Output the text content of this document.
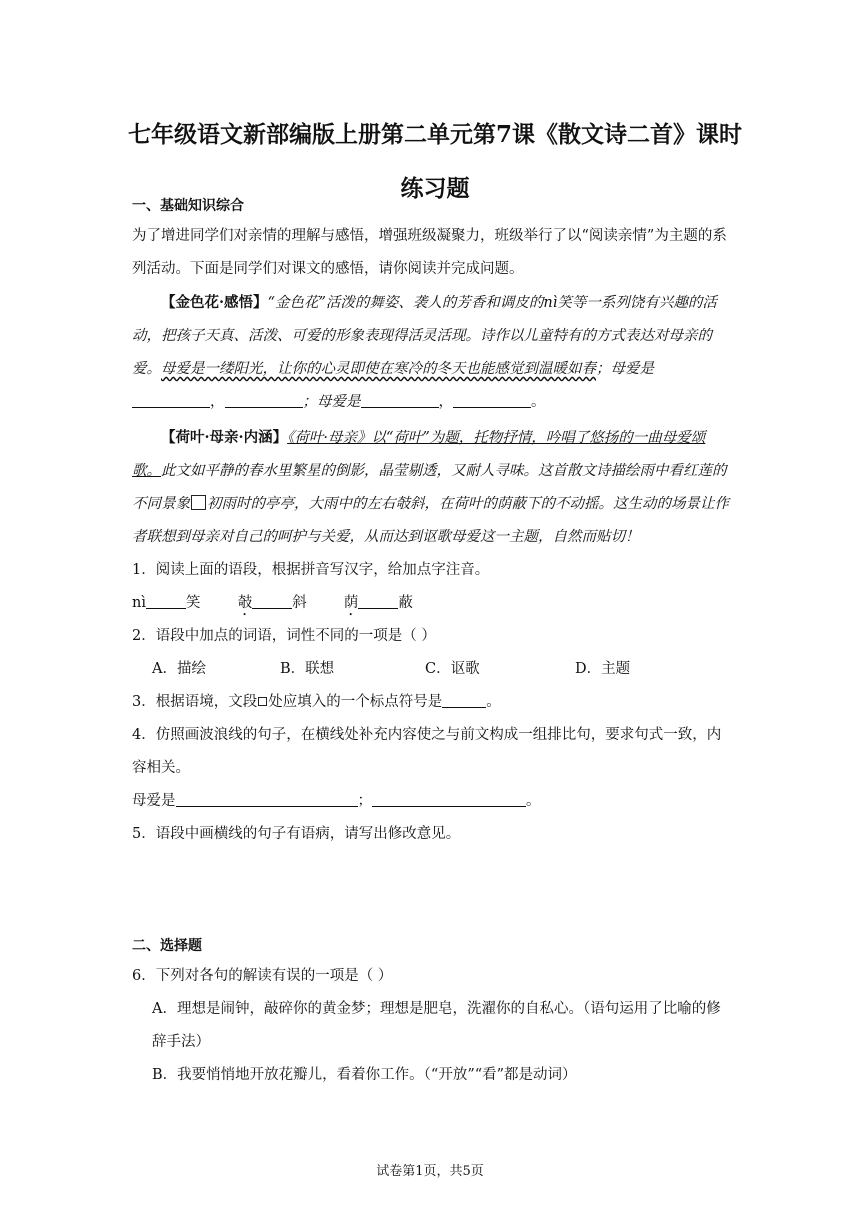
七年级语文新部编版上册第二单元第7课《散文诗二首》课时练习题
一、基础知识综合
为了增进同学们对亲情的理解与感悟，增强班级凝聚力，班级举行了以“阅读亲情”为主题的系列活动。下面是同学们对课文的感悟，请你阅读并完成问题。
【金色花·感悟】“金色花”活泼的舞姿、袭人的芳香和调皮的nì笑等一系列饶有兴趣的活动，把孩子天真、活泼、可爱的形象表现得活灵活现。诗作以儿童特有的方式表达对母亲的爱。母爱是一缕阳光，让你的心灵即使在寒冷的冬天也能感觉到温暖如春；母爱是
，	；母爱是	，	。
【荷叶·母亲·内涵】《荷叶·母亲》以“荷叶”为题，托物抒情，吟唱了悠扬的一曲母爱颂歌。此文如平静的春水里繁星的倒影，晶莹剔透，又耐人寻味。这首散文诗描绘雨中看红莲的不同景象 初雨时的亭亭，大雨中的左右攲斜，在荷叶的荫蔽下的不动摇。这生动的场景让作者联想到母亲对自己的呵护与关爱，从而达到讴歌母爱这一主题，自然而贴切！
1．阅读上面的语段，根据拼音写汉字，给加点字注音。
nì	笑	攲	斜	荫	蔽
2．语段中加点的词语，词性不同的一项是（ ）
A．描绘	B．联想	C．讴歌	D．主题
3．根据语境，文段 处应填入的一个标点符号是	。
4．仿照画波浪线的句子，在横线处补充内容使之与前文构成一组排比句，要求句式一致，内容相关。
母爱是	；	。
5．语段中画横线的句子有语病，请写出修改意见。
二、选择题
6．下列对各句的解读有误的一项是（ ）
A．理想是闹钟，敲碎你的黄金梦；理想是肥皂，洗濯你的自私心。（语句运用了比喻的修辞手法）
B．我要悄悄地开放花瓣儿，看着你工作。（“开放”“看”都是动词）
试卷第1页，共5页
